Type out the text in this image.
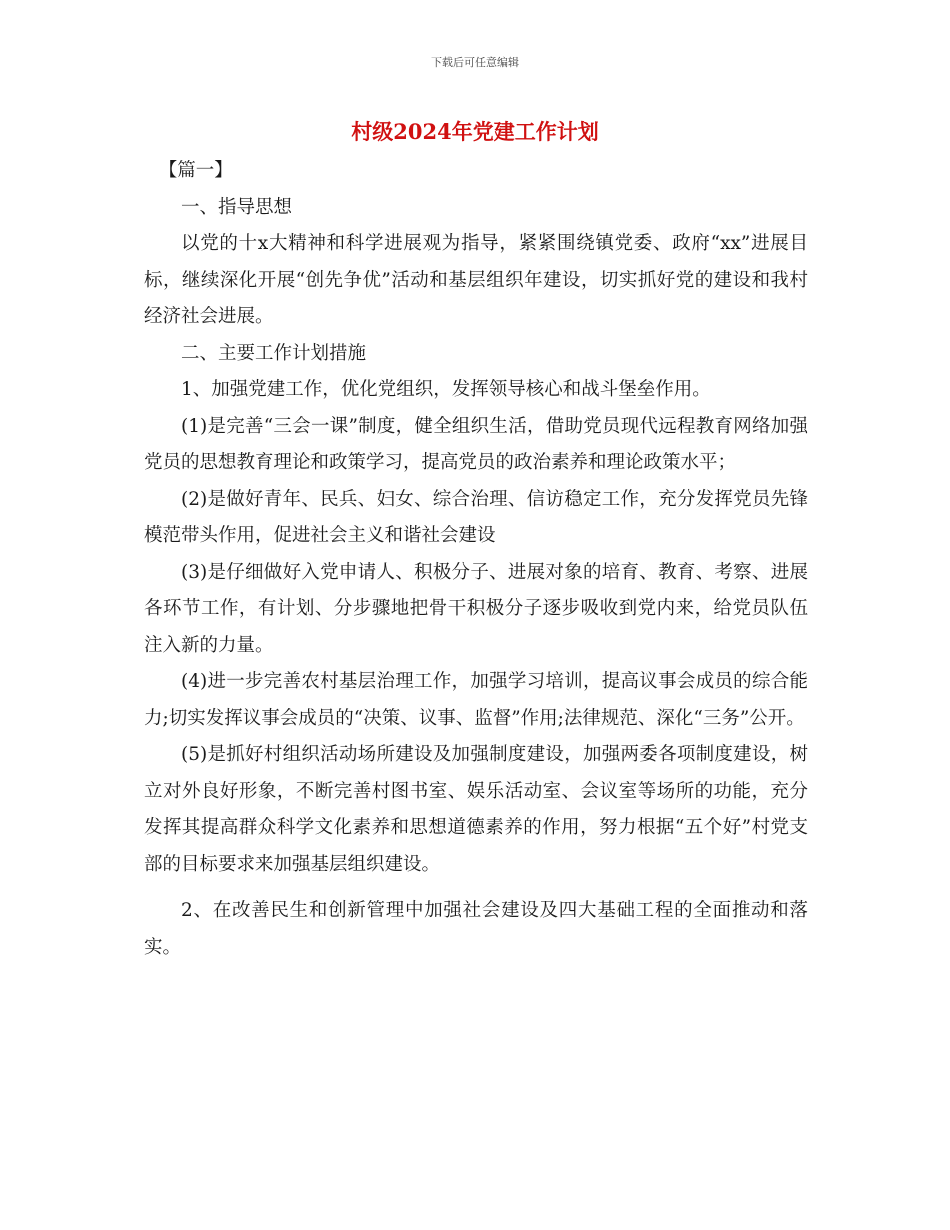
下载后可任意编辑
村级2024年党建工作计划

【篇一】

一、指导思想

以党的十x大精神和科学进展观为指导，紧紧围绕镇党委、政府“xx”进展目标，继续深化开展“创先争优”活动和基层组织年建设，切实抓好党的建设和我村经济社会进展。

二、主要工作计划措施

1、加强党建工作，优化党组织，发挥领导核心和战斗堡垒作用。

(1)是完善“三会一课”制度，健全组织生活，借助党员现代远程教育网络加强党员的思想教育理论和政策学习，提高党员的政治素养和理论政策水平；

(2)是做好青年、民兵、妇女、综合治理、信访稳定工作，充分发挥党员先锋模范带头作用，促进社会主义和谐社会建设

(3)是仔细做好入党申请人、积极分子、进展对象的培育、教育、考察、进展各环节工作，有计划、分步骤地把骨干积极分子逐步吸收到党内来，给党员队伍注入新的力量。

(4)进一步完善农村基层治理工作，加强学习培训，提高议事会成员的综合能力;切实发挥议事会成员的“决策、议事、监督”作用;法律规范、深化“三务”公开。

(5)是抓好村组织活动场所建设及加强制度建设，加强两委各项制度建设，树立对外良好形象，不断完善村图书室、娱乐活动室、会议室等场所的功能，充分发挥其提高群众科学文化素养和思想道德素养的作用，努力根据“五个好”村党支部的目标要求来加强基层组织建设。

2、在改善民生和创新管理中加强社会建设及四大基础工程的全面推动和落实。
